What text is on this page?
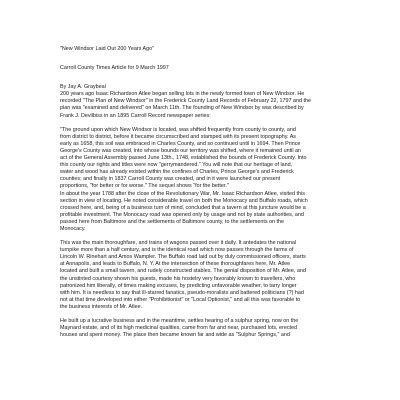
"New Windsor Laid Out 200 Years Ago"

Carroll County Times Article for 9 March 1997

By Jay A. Graybeal

200 years ago Isaac Richardson Atlee began selling lots in the newly formed town of New Windsor. He

recorded "The Plan of New Windsor" in the Frederick County Land Records of February 22, 1797 and the

plan was "examined and delivered" on March 11th. The founding of New Windsor by was described by

Frank J. Devilbiss in an 1895 Carroll Record newspaper series:

"The ground upon which New Windsor is located, was shifted frequently from county to county, and

from district to district, before it became circumscribed and stamped with its present topography. As

early as 1658, this soil was embraced in Charles County, and so continued until in 1694. Then Prince

George's County was created, into whose bounds our territory was shifted, where it remained until an

act of the General Assembly passed June 13th., 1748, established the bounds of Frederick County. Into

this county our rights and titles were now "gerrymandered." You will note that our heritage of land,

water and wood has already existed within the confines of Charles, Prince George's and Frederick

counties; and finally in 1837 Carroll County was created, and in it were launched our present

proportions, "for better or for worse." The sequel shows "for the better."

In about the year 1788 after the close of the Revolutionary War, Mr. Isaac Richardson Atlee, visited this

section in view of locating. He noted considerable travel on both the Monocacy and Buffalo roads, which

crossed here, and, being of a business turn of mind, concluded that a tavern at this juncture would be a

profitable investment. The Monocacy road was opened only by usage and not by state authorities, and

passed here from Baltimore and the settlements of Baltimore county, to the settlements on the

Monocacy.

This was the main thoroughfare, and trains of wagons passed over it daily. It antedates the national

turnpike more than a half century, and is the identical road which now passes through the farms of

Lincoln W. Rinehart and Amos Wampler. The Buffalo road laid out by duly commissioned officers, starts

at Annapolis, and leads to Buffalo, N. Y. At the intersection of these thoroughfares here, Mr. Atlee

located and built a small tavern, and rudely constructed stables. The genial disposition of Mr. Atlee, and

the unstinted courtesy shown his guests, made his hostelry very favorably known to travellers, who

patronized him liberally, of times making excuses, by predicting unfavorable weather, to tarry longer

with him. It is needless to say that ill-starred fanatics, pseudo-moralists and battered politicians (?) had

not at that time developed into either "Prohibitionist" or "Local Optionist," and all this was favorable to

the business interests of Mr. Atlee.

He built up a lucrative business and in the meantime, settles hearing of a sulphur spring, now on the

Maynard estate, and of its high medicinal qualities, came from far and near, purchased lots, erected

houses and spent money. The place then became known far and wide as "Sulphur Springs," and
